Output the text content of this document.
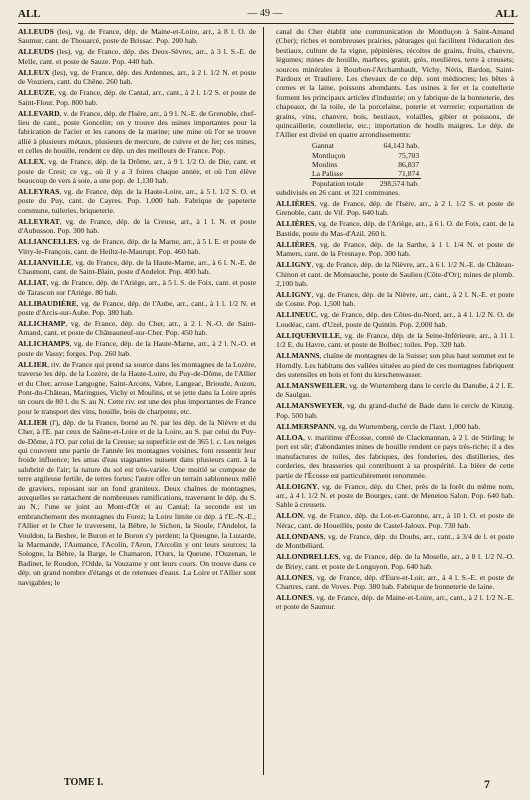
ALL	— 49 —	ALL

ALLEUDS (les), vg. de France, dép. de Maine-et-Loire, arr., à 8 l. O. de Saumur, cant. de Thouarcé, poste de Brissac. Pop. 200 hab.

ALLEUDS (les), vg. de France, dép. des Deux-Sèvres, arr., à 3 l. S.-E. de Melle, cant. et poste de Sauze. Pop. 440 hab.

ALLEUX (les), vg. de France, dép. des Ardennes, arr., à 2 l. 1/2 N. et poste de Vouziers, cant. du Chêne. 260 hab.

ALLEUZE, vg. de France, dép. de Cantal, arr., cant., à 2 l. 1/2 S. et poste de Saint-Flour. Pop. 800 hab.

ALLEVARD, v. de France, dép. de l'Isère, arr., à 9 l. N.-E. de Grenoble, chef-lieu de cant., poste Goncelin; on y trouve des usines importantes pour la fabrication de l'acier et les canons de la marine; une mine où l'or se trouve allié à plusieurs métaux, plusieurs de mercure, de cuivre et de fer; ces mines, et celles de houille, rendent ce dép. un des meilleurs de France. Pop.

ALLEX, vg. de France, dép. de la Drôme, arr., à 9 l. 1/2 O. de Die, cant. et poste de Crest; ce vg., où il y a 3 foires chaque année, et où l'on élève beaucoup de vers à soie, a une pop. de 1,130 hab.

ALLEYRAS, vg. de France, dép. de la Haute-Loire, arr., à 5 l. 1/2 S. O. et poste du Puy, cant. de Cayres. Pop. 1,000 hab. Fabrique de papeterie commune, tuileries, briqueterie.

ALLEYRAT, vg. de France, dép. de la Creuse, arr., à 1 l. N. et poste d'Aubusson. Pop. 300 hab.

ALLIANCELLES, vg. de France, dép. de la Marne, arr., à 5 l. E. et poste de Vitry-le-François, cant. de Heiltz-le-Maurupt. Pop. 460 hab.

ALLIANVILLE, vg. de France, dép. de la Haute-Marne, arr., à 6 l. N.-E. de Chaumont, cant. de Saint-Blain, poste d'Andelot. Pop. 400 hab.

ALLIAT, vg. de France, dép. de l'Ariège, arr., à 5 l. S. de Foix, cant. et poste de Tarascon sur l'Ariège. 80 hab.

ALLIBAUDIÈRE, vg. de France, dép. de l'Aube, arr., cant., à 1 l. 1/2 N. et poste d'Arcis-sur-Aube. Pop. 380 hab.

ALLICHAMP, vg. de France, dép. du Cher, arr., à 2 l. N.-O. de Saint-Amand, cant. et poste de Châteauneuf-sur-Cher. Pop. 450 hab.

ALLICHAMPS, vg. de France, dép. de la Haute-Marne, arr., à 2 l. N.-O. et poste de Vassy; forges. Pop. 260 hab.

ALLIER, riv. de France qui prend sa source dans les montagnes de la Lozère, traverse les dép. de la Lozère, de la Haute-Loire, du Puy-de-Dôme, de l'Allier et du Cher, arrose Langogne, Saint-Arcons, Vabre, Langeac, Brioude, Auzon, Pont-du-Château, Maringues, Vichy et Moulins, et se jette dans la Loire après un cours de 80 l. du S. au N. Cette riv. est une des plus importantes de France pour le transport des vins, houille, bois de charpente, etc.

ALLIER (l'), dép. de la France, borné au N. par les dép. de la Nièvre et du Cher, à l'E. par ceux de Saône-et-Loire et de la Loire, au S. par celui du Puy-de-Dôme, à l'O. par celui de la Creuse; sa superficie est de 365 l. c. Les neiges qui couvrent une partie de l'année les montagnes voisines, font ressentir leur froide influence; les amas d'eau stagnantes nuisent dans plusieurs cant. à la salubrité de l'air; la nature du sol est très-variée. Une moitié se compose de terre argileuse fertile, de terres fortes; l'autre offre un terrain sablonneux mêlé de graviers, reposant sur un fond graniteux. Deux chaînes de montagnes, auxquelles se rattachent de nombreuses ramifications, traversent le dép. du S. au N.; l'une se joint au Mont-d'Or et au Cantal; la seconde est un embranchement des montagnes du Forez; la Loire limite ce dép. à l'E.-N.-E.; l'Allier et le Cher le traversent, la Bèbre, le Sichon, la Sioule, l'Andelot, la Vouldon, la Besbre, le Buron et le Boron s'y perdent; la Queugne, la Luzarde, la Marmande, l'Aumance, l'Acolin, l'Aron, l'Arcolin y ont leurs sources; la Sologne, la Bèbre, la Barge, le Chamaron, l'Ours, la Queune, l'Ouzenan, le Badinet, le Roudon, l'Odde, la Vouzame y ont leurs cours. On trouve dans ce dép. un grand nombre d'étangs et de retenues d'eaux. La Loire et l'Allier sont navigables; le

canal du Cher établit une communication de Montluçon à Saint-Amand (Cher); riches et nombreuses prairies, pâturages qui facilitent l'éducation des bestiaux, culture de la vigne, pépinières, récoltes de grains, fruits, chanvre, légumes; mines de houille, marbres, granit, grès, meulières, terre à creusets; sources minérales à Bourbon-l'Archambault, Vichy, Néris, Bardon, Saint-Pardoux et Trauliere. Les chevaux de ce dép. sont médiocres; les bêtes à cornes et la laine, poissons abondants. Les usines à fer et la coutellerie forment les principaux articles d'industrie; on y fabrique de la bonneterie, des chapeaux, de la toile, de la porcelaine, poterie et verrerie; exportation de grains, vins, chanvre, bois, bestiaux, volailles, gibier et poissons, de quincaillerie, coutellerie, etc.; importation de houlls maigres. Le dép. de l'Allier est divisé en quatre arrondissements:

Gannat	64,143 hab.
Montluçon	75,703
Moulins	86,837
La Palisse	71,874
Population totale	298,574 hab.

subdivisés en 26 cant. et 321 communes.

ALLIÈRES, vg. de France, dép. de l'Isère, arr., à 2 l. 1/2 S. et poste de Grenoble, cant. de Vif. Pop. 640 hab.

ALLIÈRES, vg. de France, dép. de l'Ariège, arr., à 6 l. O. de Foix, cant. de la Bastide, poste du Mas-d'Azil. 260 h.

ALLIÈRES, vg. de France, dép. de la Sarthe, à 1 l. 1/4 N. et poste de Mamers, cant. de la Fresnaye. Pop. 300 hab.

ALLIGNY, vg. de France, dép. de la Nièvre, arr., à 6 l. 1/2 N.-E. de Château-Chinon et cant. de Monsauche, poste de Saulieu (Côte-d'Or); mines de plomb. 2,100 hab.

ALLIGNY, vg. de France, dép. de la Nièvre, arr., cant., à 2 l. N.-E. et poste de Cosne. Pop. 1,500 hab.

ALLINEUC, vg. de France, dép. des Côtes-du-Nord, arr., à 4 l. 1/2 N. O. de Loudéac, cant. d'Uzel, poste de Quintin. Pop. 2,000 hab.

ALLIQUERVILLE, vg. de France, dép. de la Seine-Inférieure, arr., à 11 l. 1/2 E. du Havre, cant. et poste de Bolbec; toiles. Pop. 320 hab.

ALLMANNS, chaîne de montagnes de la Suisse; son plus haut sommet est le Horndly. Les habitans des vallées situées au pied de ces montagnes fabriquent des ustensiles en bois et font du kirschenwasser.

ALLMANSWEILER, vg. de Wurtemberg dans le cercle du Danube, à 2 l. E. de Saulgau.

ALLMANSWEYER, vg. du grand-duché de Bade dans le cercle de Kinzig. Pop. 500 hab.

ALLMERSPANN, vg. du Wurtemberg, cercle de l'Iaxt. 1,000 hab.

ALLOA, v. maritime d'Écosse, comté de Clackmannan, à 2 l. de Stirling; le port est sûr; d'abondantes mines de houille rendent ce pays très-riche; il a des manufactures de toiles, des fabriques, des fonderies, des distilleries, des corderies, des brasseries qui contribuent à sa prospérité. La bière de cette partie de l'Écosse est particulièrement renommée.

ALLOIGNY, vg. de France, dép. du Cher, près de la forêt du même nom, arr., à 4 l. 1/2 N. et poste de Bourges, cant. de Menetou Salon. Pop. 640 hab. Sable à creusets.

ALLON, vg. de France, dép. du Lot-et-Garonne, arr., à 10 l. O. et poste de Nérac, cant. de Houeillès, poste de Castel-Jaloux. Pop. 730 hab.

ALLONDANS, vg. de France, dép. du Doubs, arr., cant., à 3/4 de l. et poste de Montbéliard.

ALLONDRELLES, vg. de France, dép. de la Moselle, arr., à 8 l. 1/2 N.-O. de Briey, cant. et poste de Longuyon. Pop. 640 hab.

ALLONES, vg. de France, dép. d'Eure-et-Loir, arr., à 4 l. S.-E. et poste de Chartres, cant. de Voves. Pop. 380 hab. Fabrique de bonneterie de laine.

ALLONES, vg. de France, dép. de Maine-et-Loire, arr., cant., à 2 l. 1/2 N.-E. et poste de Saumur.

TOME I.	7
